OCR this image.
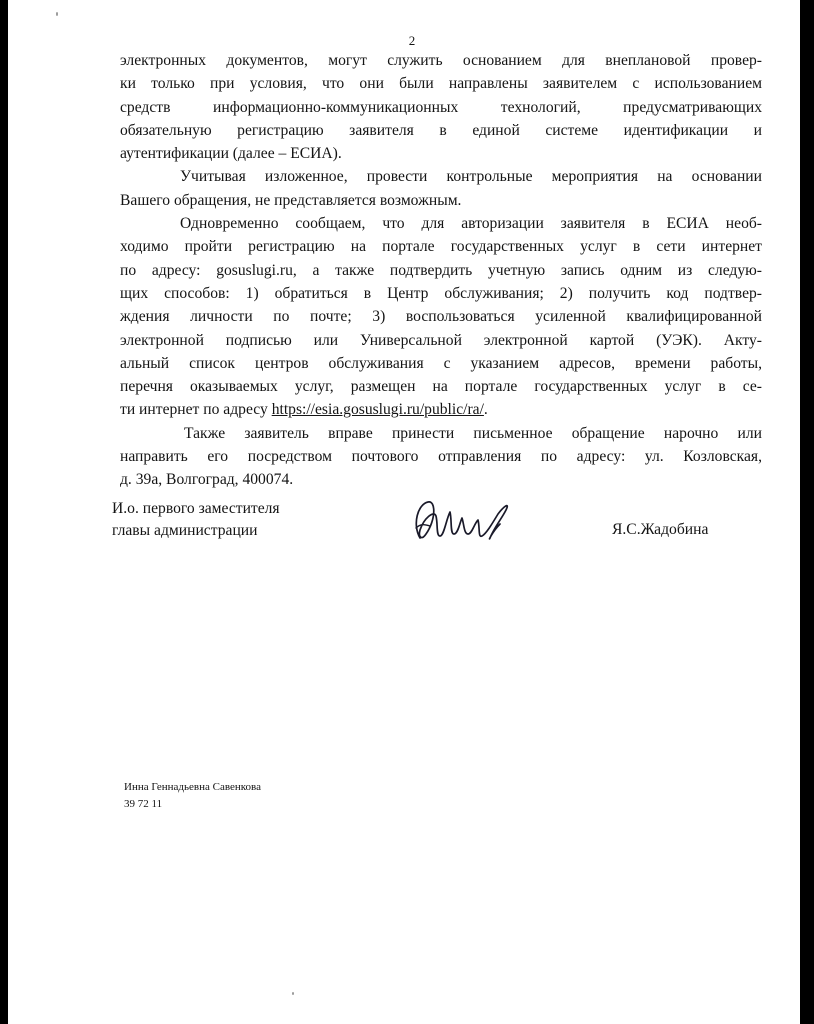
2

электронных документов, могут служить основанием для внеплановой провер-
ки только при условия, что они были направлены заявителем с использованием
средств информационно-коммуникационных технологий, предусматривающих
обязательную регистрацию заявителя в единой системе идентификации и
аутентификации (далее – ЕСИА).

Учитывая изложенное, провести контрольные мероприятия на основании
Вашего обращения, не представляется возможным.

Одновременно сообщаем, что для авторизации заявителя в ЕСИА необ-
ходимо пройти регистрацию на портале государственных услуг в сети интернет
по адресу: gosuslugi.ru, а также подтвердить учетную запись одним из следую-
щих способов: 1) обратиться в Центр обслуживания; 2) получить код подтвер-
ждения личности по почте; 3) воспользоваться усиленной квалифицированной
электронной подписью или Универсальной электронной картой (УЭК). Акту-
альный список центров обслуживания с указанием адресов, времени работы,
перечня оказываемых услуг, размещен на портале государственных услуг в се-
ти интернет по адресу https://esia.gosuslugi.ru/public/ra/.

Также заявитель вправе принести письменное обращение нарочно или
направить его посредством почтового отправления по адресу: ул. Козловская,
д. 39а, Волгоград, 400074.

И.о. первого заместителя
главы администрации	Я.С.Жадобина
Инна Геннадьевна Савенкова
39 72 11
